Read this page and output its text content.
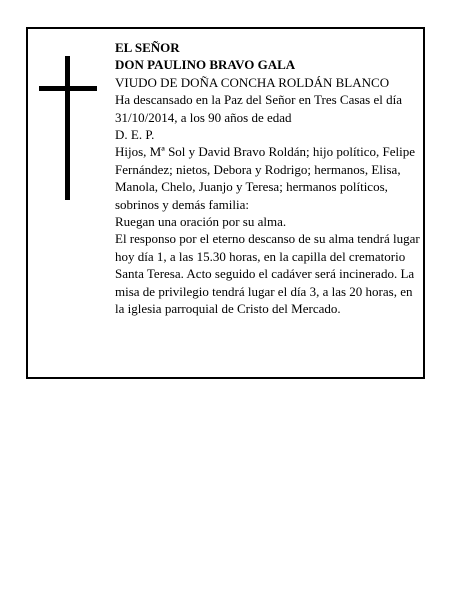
EL SEÑOR

DON PAULINO BRAVO GALA

VIUDO DE DOÑA CONCHA ROLDÁN BLANCO

Ha descansado en la Paz del Señor en Tres Casas el día 31/10/2014, a los 90 años de edad

D. E. P.

Hijos, Mª Sol y David Bravo Roldán; hijo político, Felipe Fernández; nietos, Debora y Rodrigo; hermanos, Elisa, Manola, Chelo, Juanjo y Teresa; hermanos políticos, sobrinos y demás familia:

Ruegan una oración por su alma.

El responso por el eterno descanso de su alma tendrá lugar hoy día 1, a las 15.30 horas, en la capilla del crematorio Santa Teresa. Acto seguido el cadáver será incinerado. La misa de privilegio tendrá lugar el día 3, a las 20 horas, en la iglesia parroquial de Cristo del Mercado.
